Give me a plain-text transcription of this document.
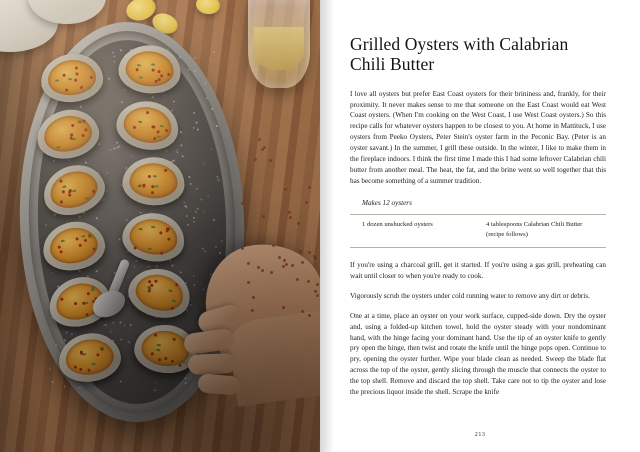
Grilled Oysters with Calabrian Chili Butter

I love all oysters but prefer East Coast oysters for their brininess and, frankly, for their proximity. It never makes sense to me that someone on the East Coast would eat West Coast oysters. (When I'm cooking on the West Coast, I use West Coast oysters.) So this recipe calls for whatever oysters happen to be closest to you. At home in Mattituck, I use oysters from Peeko Oysters, Peter Stein's oyster farm in the Peconic Bay. (Peter is an oyster savant.) In the summer, I grill these outside. In the winter, I like to make them in the fireplace indoors. I think the first time I made this I had some leftover Calabrian chili butter from another meal. The heat, the fat, and the brine went so well together that this has become something of a summer tradition.

Makes 12 oysters
1 dozen unshucked oysters	4 tablespoons Calabrian Chili Butter (recipe follows)

If you're using a charcoal grill, get it started. If you're using a gas grill, preheating can wait until closer to when you're ready to cook.

Vigorously scrub the oysters under cold running water to remove any dirt or debris.

One at a time, place an oyster on your work surface, cupped-side down. Dry the oyster and, using a folded-up kitchen towel, hold the oyster steady with your nondominant hand, with the hinge facing your dominant hand. Use the tip of an oyster knife to gently pry open the hinge, then twist and rotate the knife until the hinge pops open. Continue to pry, opening the oyster further. Wipe your blade clean as needed. Sweep the blade flat across the top of the oyster, gently slicing through the muscle that connects the oyster to the top shell. Remove and discard the top shell. Take care not to tip the oyster and lose the precious liquor inside the shell. Scrape the knife

213
